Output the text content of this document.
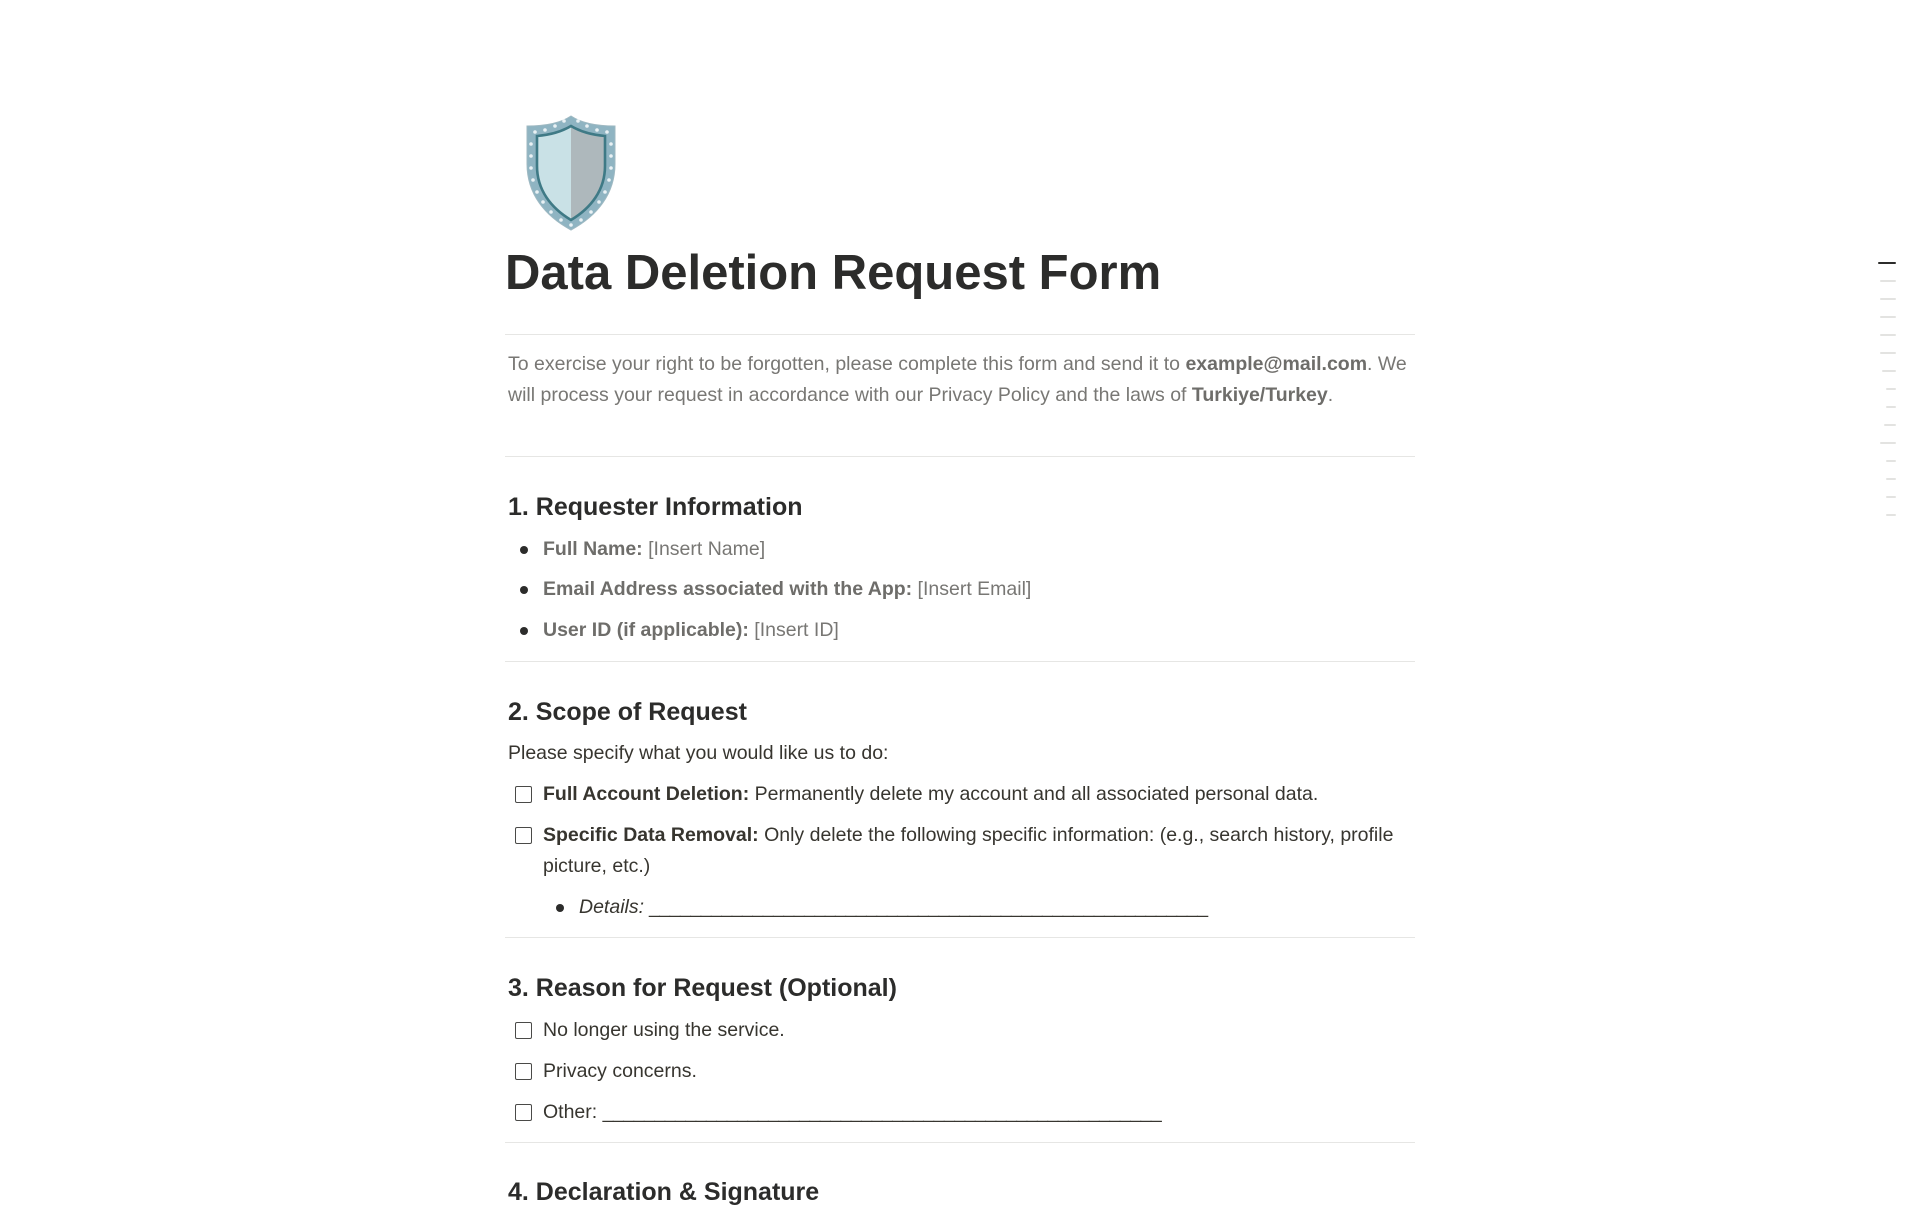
Data Deletion Request Form
To exercise your right to be forgotten, please complete this form and send it to example@mail.com. We will process your request in accordance with our Privacy Policy and the laws of Turkiye/Turkey.
1. Requester Information
Full Name: [Insert Name]
Email Address associated with the App: [Insert Email]
User ID (if applicable): [Insert ID]
2. Scope of Request
Please specify what you would like us to do:
Full Account Deletion: Permanently delete my account and all associated personal data.
Specific Data Removal: Only delete the following specific information: (e.g., search history, profile picture, etc.)
Details: ______________________________________________________
3. Reason for Request (Optional)
No longer using the service.
Privacy concerns.
Other: ______________________________________________________
4. Declaration & Signature
